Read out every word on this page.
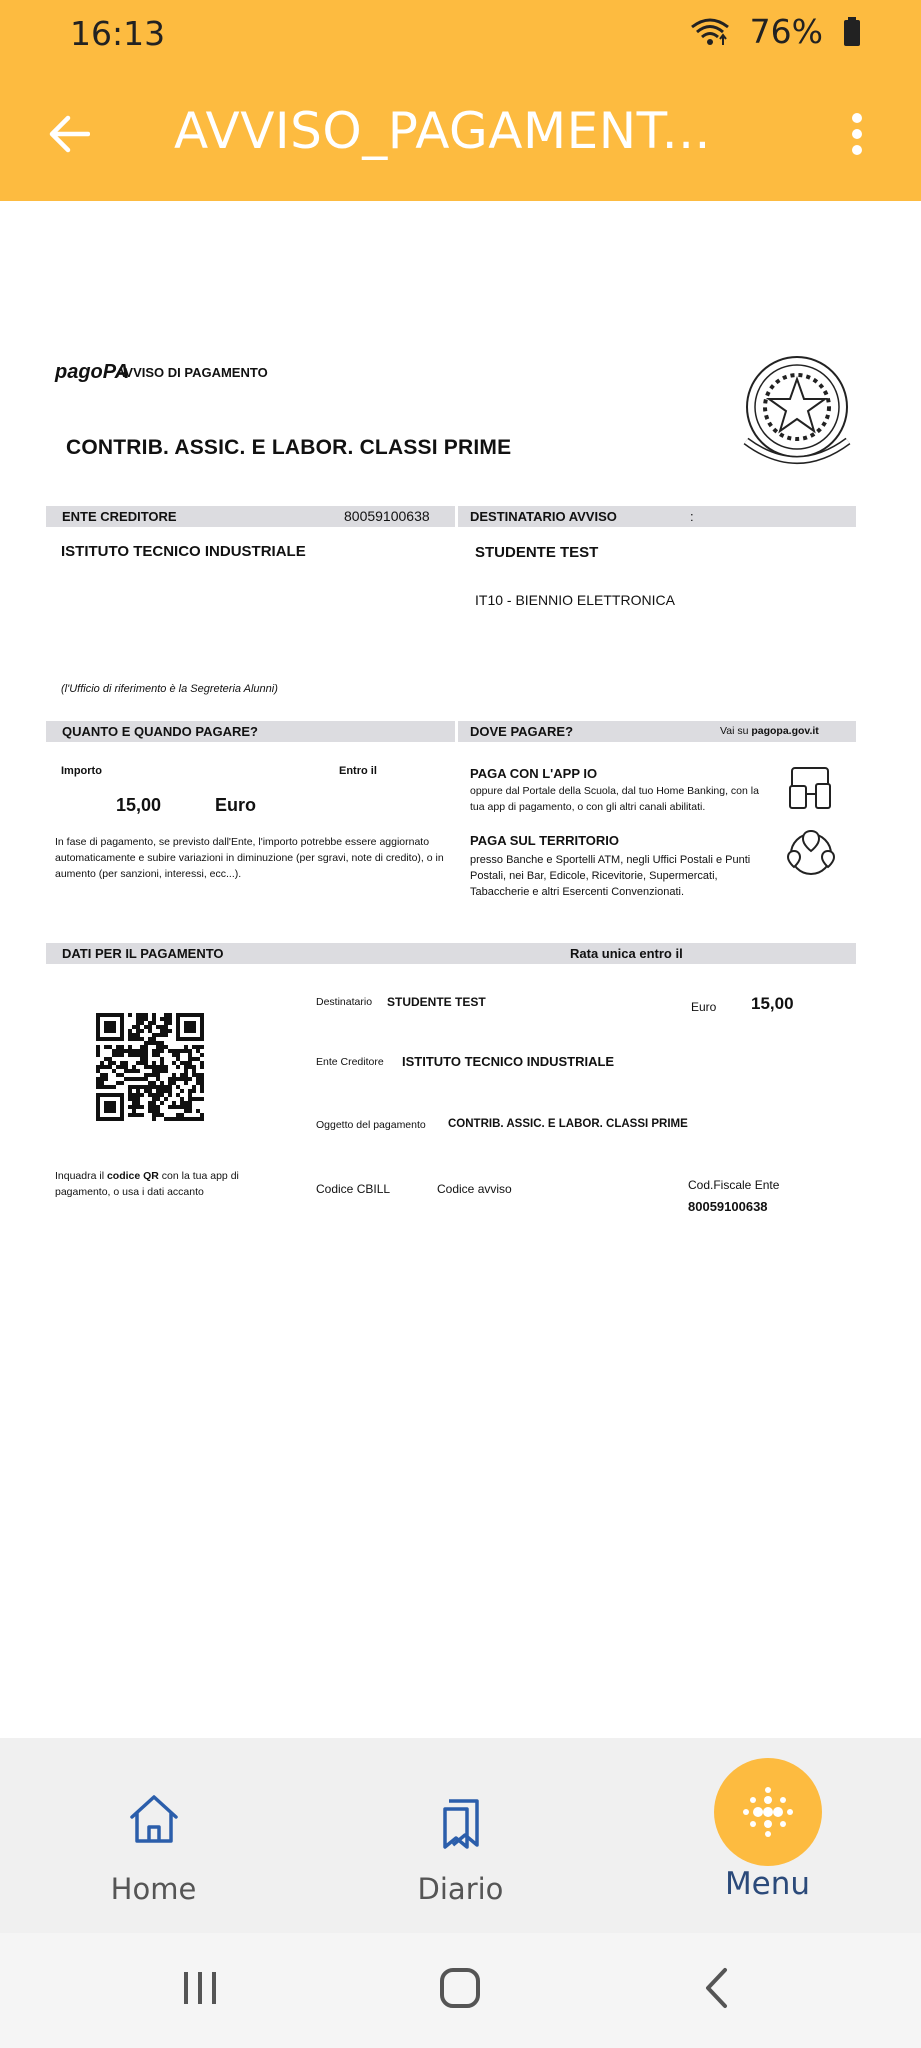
16:13	76%
AVVISO_PAGAMENT...
pagoPA
AVVISO DI PAGAMENTO
CONTRIB. ASSIC. E LABOR. CLASSI PRIME
ENTE CREDITORE	80059100638	DESTINATARIO AVVISO	:
ISTITUTO TECNICO INDUSTRIALE	STUDENTE TEST
IT10 - BIENNIO ELETTRONICA
(l'Ufficio di riferimento è la Segreteria Alunni)
QUANTO E QUANDO PAGARE?	DOVE PAGARE?	Vai su pagopa.gov.it
Importo	Entro il
15,00	Euro
In fase di pagamento, se previsto dall'Ente, l'importo potrebbe essere aggiornato automaticamente e subire variazioni in diminuzione (per sgravi, note di credito), o in aumento (per sanzioni, interessi, ecc...).
PAGA CON L'APP IO
oppure dal Portale della Scuola, dal tuo Home Banking, con la tua app di pagamento, o con gli altri canali abilitati.
PAGA SUL TERRITORIO
presso Banche e Sportelli ATM, negli Uffici Postali e Punti Postali, nei Bar, Edicole, Ricevitorie, Supermercati, Tabaccherie e altri Esercenti Convenzionati.
DATI PER IL PAGAMENTO	Rata unica entro il
Destinatario STUDENTE TEST	Euro 15,00
Ente Creditore ISTITUTO TECNICO INDUSTRIALE
Oggetto del pagamento CONTRIB. ASSIC. E LABOR. CLASSI PRIME
Inquadra il codice QR con la tua app di pagamento, o usa i dati accanto	Codice CBILL	Codice avviso	Cod.Fiscale Ente
80059100638
Home	Diario	Menu
